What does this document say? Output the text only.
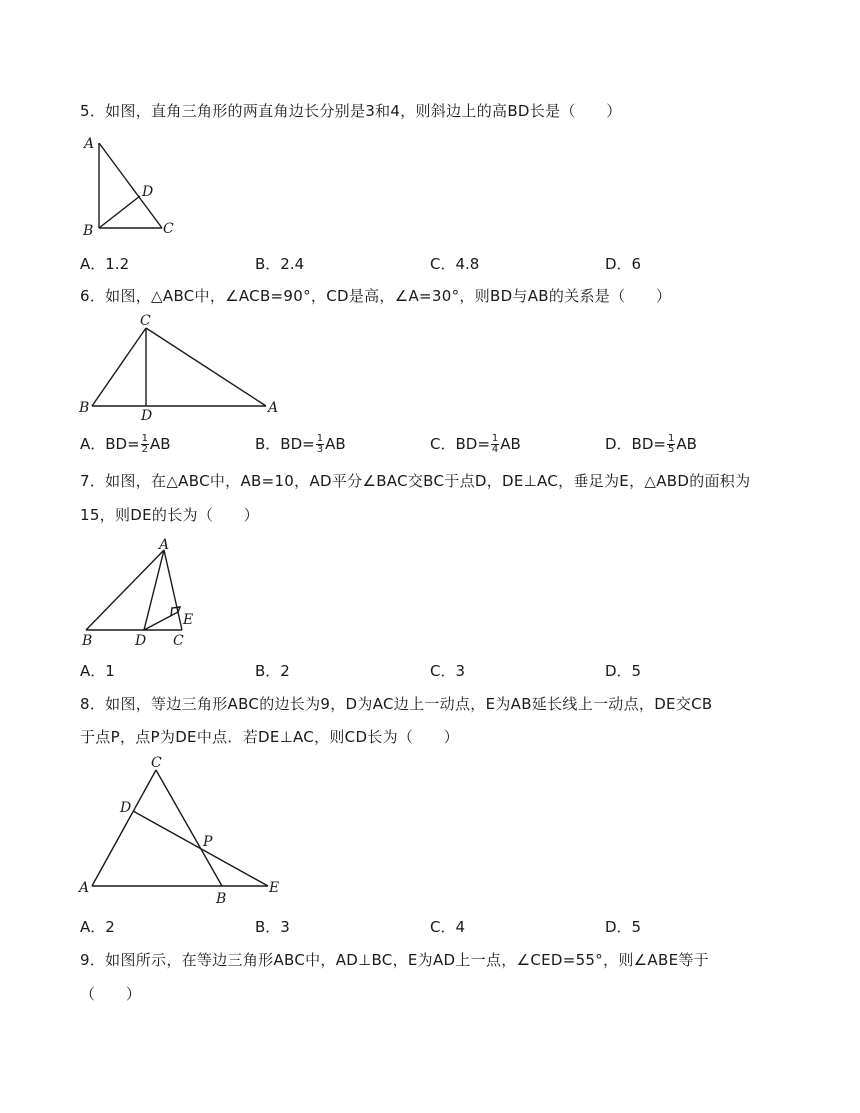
5．如图，直角三角形的两直角边长分别是3和4，则斜边上的高BD长是（　　）
A
B	C
D
A．1.2	B．2.4	C．4.8	D．6
6．如图，△ABC中，∠ACB=90°，CD是高，∠A=30°，则BD与AB的关系是（　　）
C
B	D	A
A．$BD= \frac{1}{2}$ AB	B．$BD= \frac{1}{3}$ AB	C．$BD= \frac{1}{4}$ AB	D．$BD= \frac{1}{5}$ AB
7．如图，在△ABC中，AB=10，AD平分∠BAC交BC于点D，DE⊥AC，垂足为E，△ABD的面积为
15，则DE的长为（　　）
A
B	D C
E
A．1	B．2	C．3	D．5
8．如图，等边三角形ABC的边长为9，D为AC边上一动点，E为AB延长线上一动点，DE交CB
于点P，点P为DE中点．若DE⊥AC，则CD长为（　　）
C
D
P
A
B
E
A．2	B．3	C．4	D．5
9．如图所示，在等边三角形ABC中，AD⊥BC，E为AD上一点，∠CED=55°，则∠ABE等于
（　　）
